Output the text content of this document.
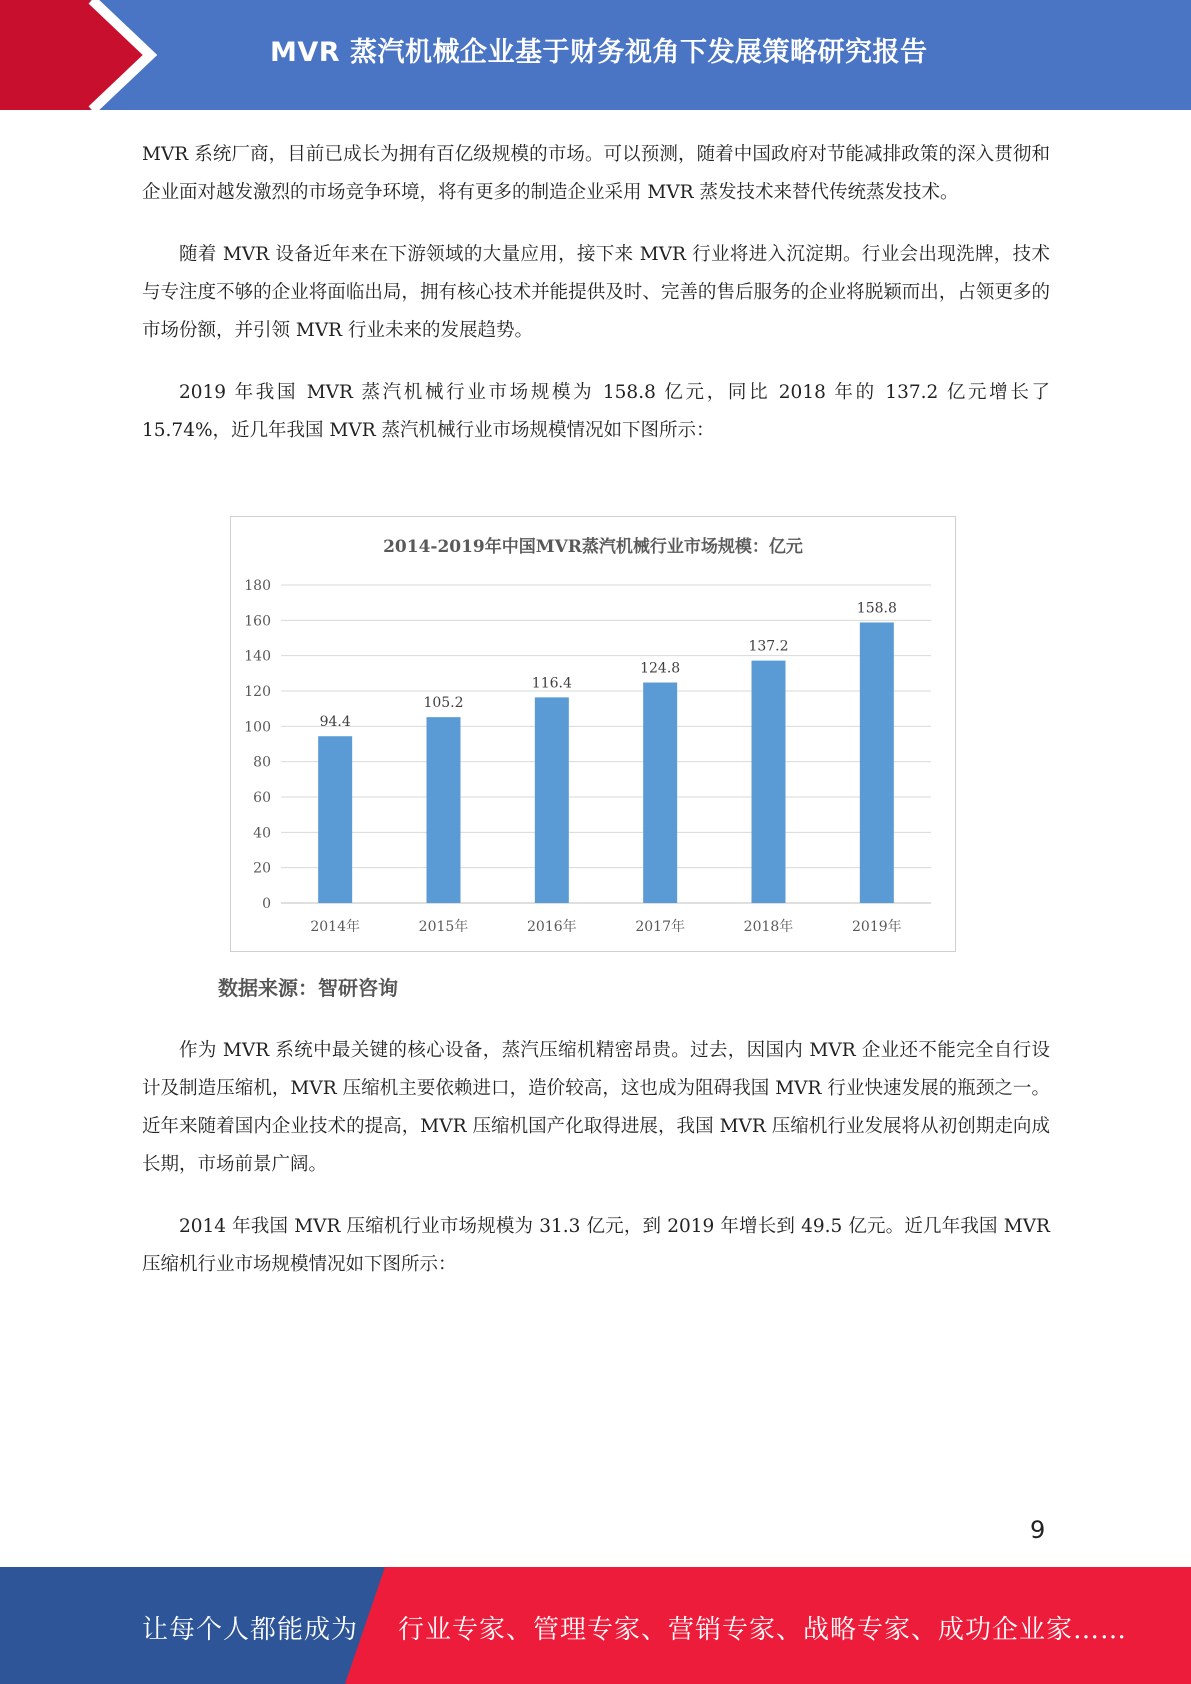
MVR 蒸汽机械企业基于财务视角下发展策略研究报告

MVR 系统厂商，目前已成长为拥有百亿级规模的市场。可以预测，随着中国政府对节能减排政策的深入贯彻和企业面对越发激烈的市场竞争环境，将有更多的制造企业采用 MVR 蒸发技术来替代传统蒸发技术。

随着 MVR 设备近年来在下游领域的大量应用，接下来 MVR 行业将进入沉淀期。行业会出现洗牌，技术与专注度不够的企业将面临出局，拥有核心技术并能提供及时、完善的售后服务的企业将脱颖而出，占领更多的市场份额，并引领 MVR 行业未来的发展趋势。

2019 年我国 MVR 蒸汽机械行业市场规模为 158.8 亿元，同比 2018 年的 137.2 亿元增长了 15.74%，近几年我国 MVR 蒸汽机械行业市场规模情况如下图所示：

2014-2019年中国MVR蒸汽机械行业市场规模：亿元
0
20
40
60
80
100
120
140
160
180
94.4
2014年
105.2
2015年
116.4
2016年
124.8
2017年
137.2
2018年
158.8
2019年
数据来源：智研咨询

作为 MVR 系统中最关键的核心设备，蒸汽压缩机精密昂贵。过去，因国内 MVR 企业还不能完全自行设计及制造压缩机，MVR 压缩机主要依赖进口，造价较高，这也成为阻碍我国 MVR 行业快速发展的瓶颈之一。近年来随着国内企业技术的提高，MVR 压缩机国产化取得进展，我国 MVR 压缩机行业发展将从初创期走向成长期，市场前景广阔。

2014 年我国 MVR 压缩机行业市场规模为 31.3 亿元，到 2019 年增长到 49.5 亿元。近几年我国 MVR 压缩机行业市场规模情况如下图所示：

9
让每个人都能成为 行业专家、管理专家、营销专家、战略专家、成功企业家……
